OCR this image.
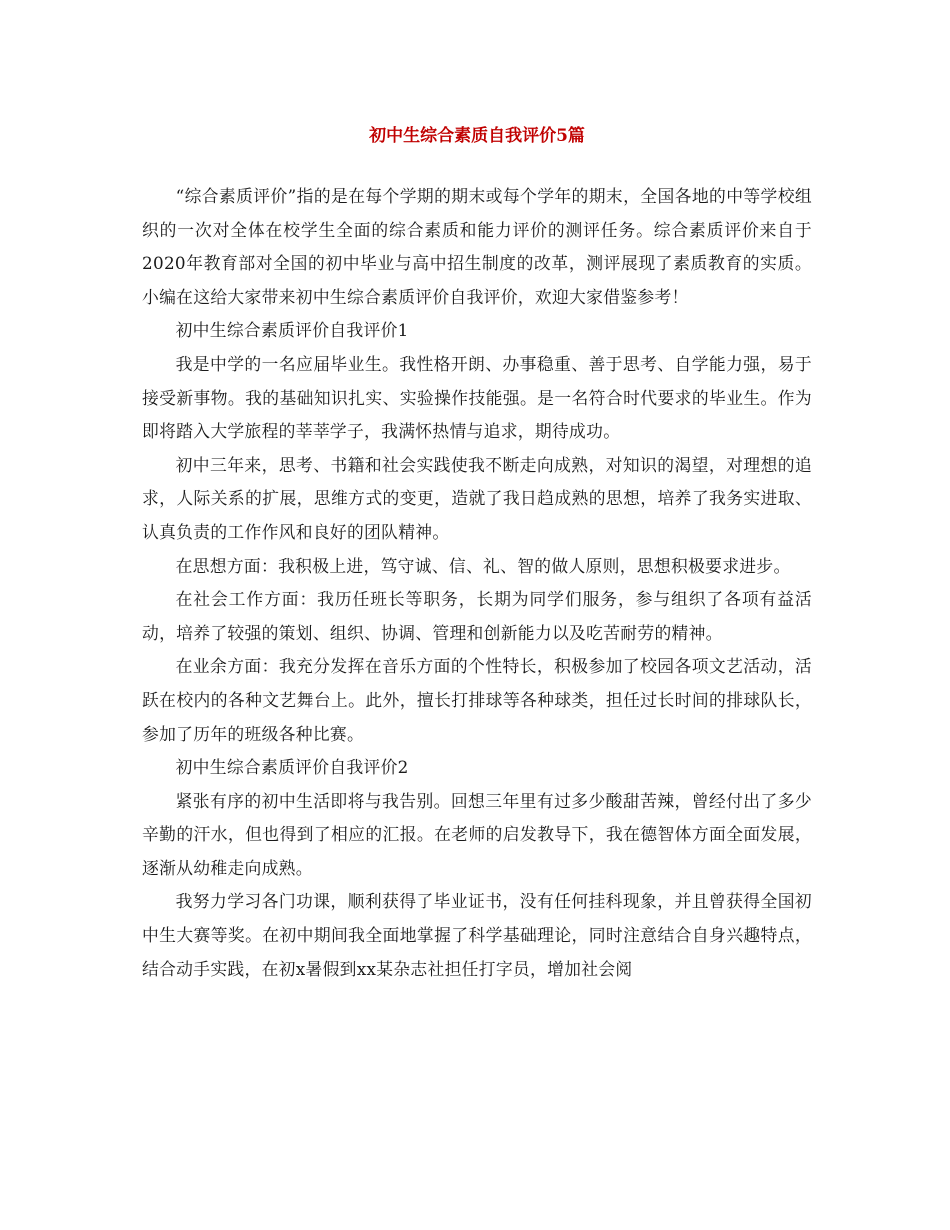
初中生综合素质自我评价5篇

“综合素质评价”指的是在每个学期的期末或每个学年的期末，全国各地的中等学校组织的一次对全体在校学生全面的综合素质和能力评价的测评任务。综合素质评价来自于2020年教育部对全国的初中毕业与高中招生制度的改革，测评展现了素质教育的实质。小编在这给大家带来初中生综合素质评价自我评价，欢迎大家借鉴参考！

初中生综合素质评价自我评价1

我是中学的一名应届毕业生。我性格开朗、办事稳重、善于思考、自学能力强，易于接受新事物。我的基础知识扎实、实验操作技能强。是一名符合时代要求的毕业生。作为即将踏入大学旅程的莘莘学子，我满怀热情与追求，期待成功。

初中三年来，思考、书籍和社会实践使我不断走向成熟，对知识的渴望，对理想的追求，人际关系的扩展，思维方式的变更，造就了我日趋成熟的思想，培养了我务实进取、认真负责的工作作风和良好的团队精神。

在思想方面：我积极上进，笃守诚、信、礼、智的做人原则，思想积极要求进步。

在社会工作方面：我历任班长等职务，长期为同学们服务，参与组织了各项有益活动，培养了较强的策划、组织、协调、管理和创新能力以及吃苦耐劳的精神。

在业余方面：我充分发挥在音乐方面的个性特长，积极参加了校园各项文艺活动，活跃在校内的各种文艺舞台上。此外，擅长打排球等各种球类，担任过长时间的排球队长，参加了历年的班级各种比赛。

初中生综合素质评价自我评价2

紧张有序的初中生活即将与我告别。回想三年里有过多少酸甜苦辣，曾经付出了多少辛勤的汗水，但也得到了相应的汇报。在老师的启发教导下，我在德智体方面全面发展，逐渐从幼稚走向成熟。

我努力学习各门功课，顺利获得了毕业证书，没有任何挂科现象，并且曾获得全国初中生大赛等奖。在初中期间我全面地掌握了科学基础理论，同时注意结合自身兴趣特点，结合动手实践，在初x暑假到xx某杂志社担任打字员，增加社会阅
